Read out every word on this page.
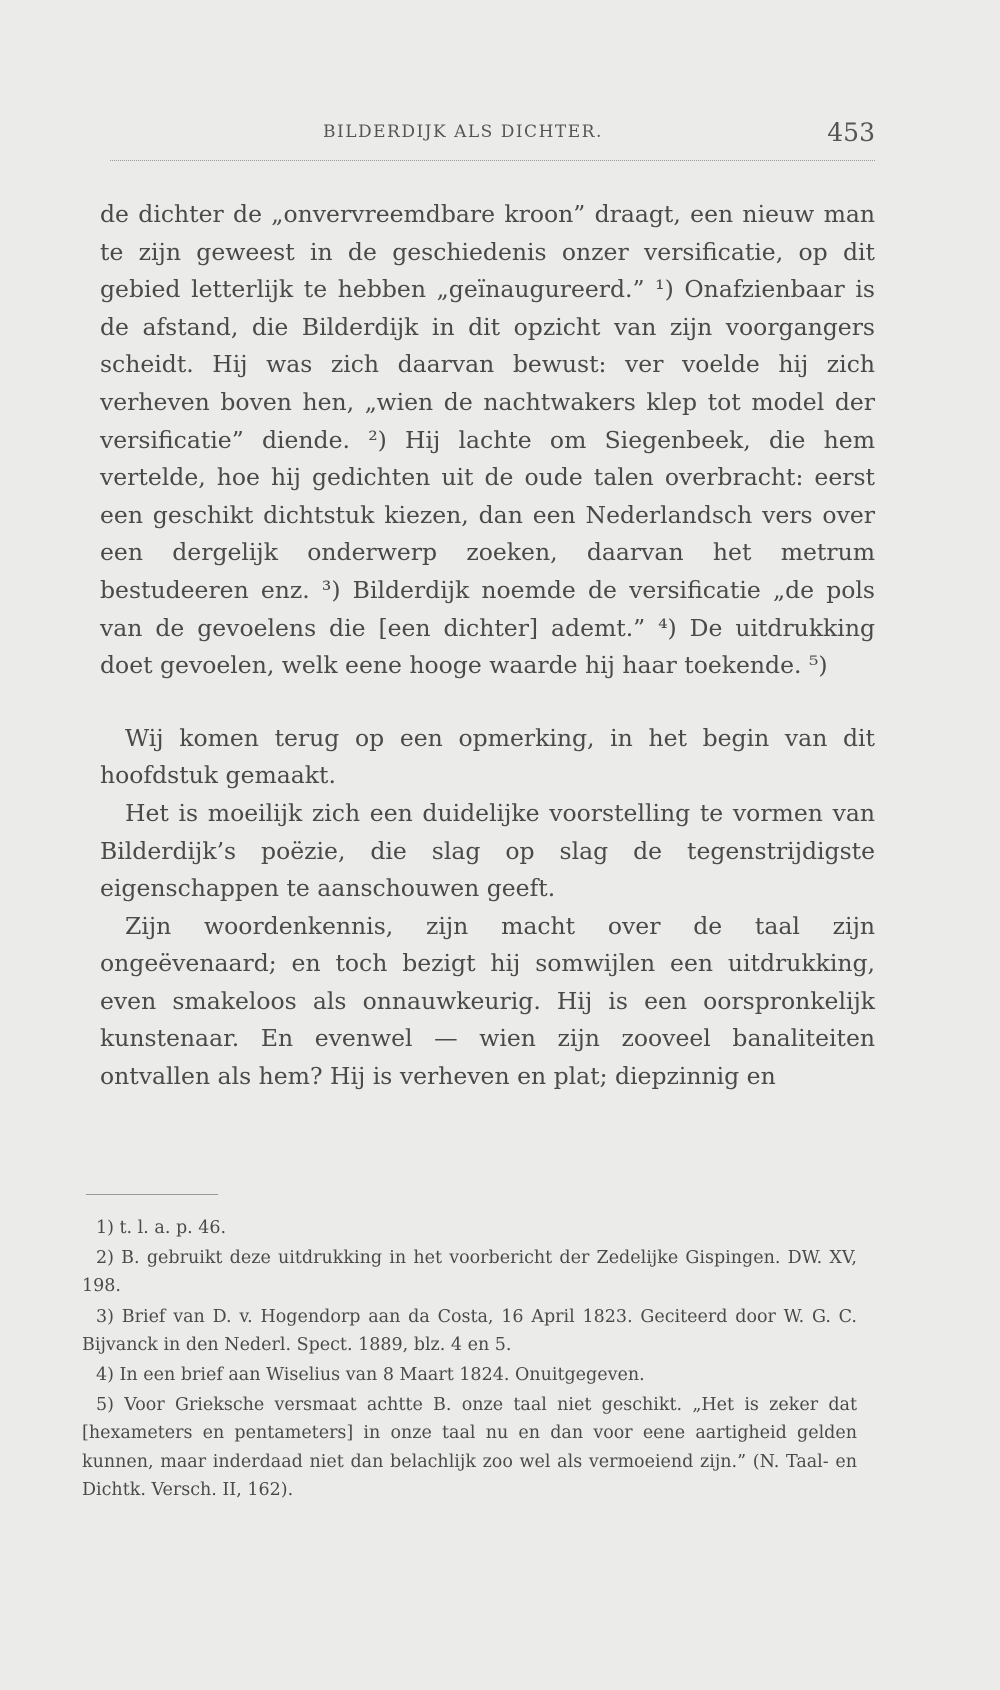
BILDERDIJK ALS DICHTER.	453

de dichter de „onvervreemdbare kroon” draagt, een nieuw man te zijn geweest in de geschiedenis onzer versificatie, op dit gebied letterlijk te hebben „geïnaugureerd.” ¹) Onafzienbaar is de afstand, die Bilderdijk in dit opzicht van zijn voorgangers scheidt. Hij was zich daarvan bewust: ver voelde hij zich verheven boven hen, „wien de nachtwakers klep tot model der versificatie” diende. ²) Hij lachte om Siegenbeek, die hem vertelde, hoe hij gedichten uit de oude talen overbracht: eerst een geschikt dichtstuk kiezen, dan een Nederlandsch vers over een dergelijk onderwerp zoeken, daarvan het metrum bestudeeren enz. ³) Bilderdijk noemde de versificatie „de pols van de gevoelens die [een dichter] ademt.” ⁴) De uitdrukking doet gevoelen, welk eene hooge waarde hij haar toekende. ⁵)

Wij komen terug op een opmerking, in het begin van dit hoofdstuk gemaakt.

Het is moeilijk zich een duidelijke voorstelling te vormen van Bilderdijk’s poëzie, die slag op slag de tegenstrijdigste eigenschappen te aanschouwen geeft.

Zijn woordenkennis, zijn macht over de taal zijn ongeëvenaard; en toch bezigt hij somwijlen een uitdrukking, even smakeloos als onnauwkeurig. Hij is een oorspronkelijk kunstenaar. En evenwel — wien zijn zooveel banaliteiten ontvallen als hem? Hij is verheven en plat; diepzinnig en

1) t. l. a. p. 46.

2) B. gebruikt deze uitdrukking in het voorbericht der Zedelijke Gispingen. DW. XV, 198.

3) Brief van D. v. Hogendorp aan da Costa, 16 April 1823. Geciteerd door W. G. C. Bijvanck in den Nederl. Spect. 1889, blz. 4 en 5.

4) In een brief aan Wiselius van 8 Maart 1824. Onuitgegeven.

5) Voor Grieksche versmaat achtte B. onze taal niet geschikt. „Het is zeker dat [hexameters en pentameters] in onze taal nu en dan voor eene aartigheid gelden kunnen, maar inderdaad niet dan belachlijk zoo wel als vermoeiend zijn.” (N. Taal- en Dichtk. Versch. II, 162).
